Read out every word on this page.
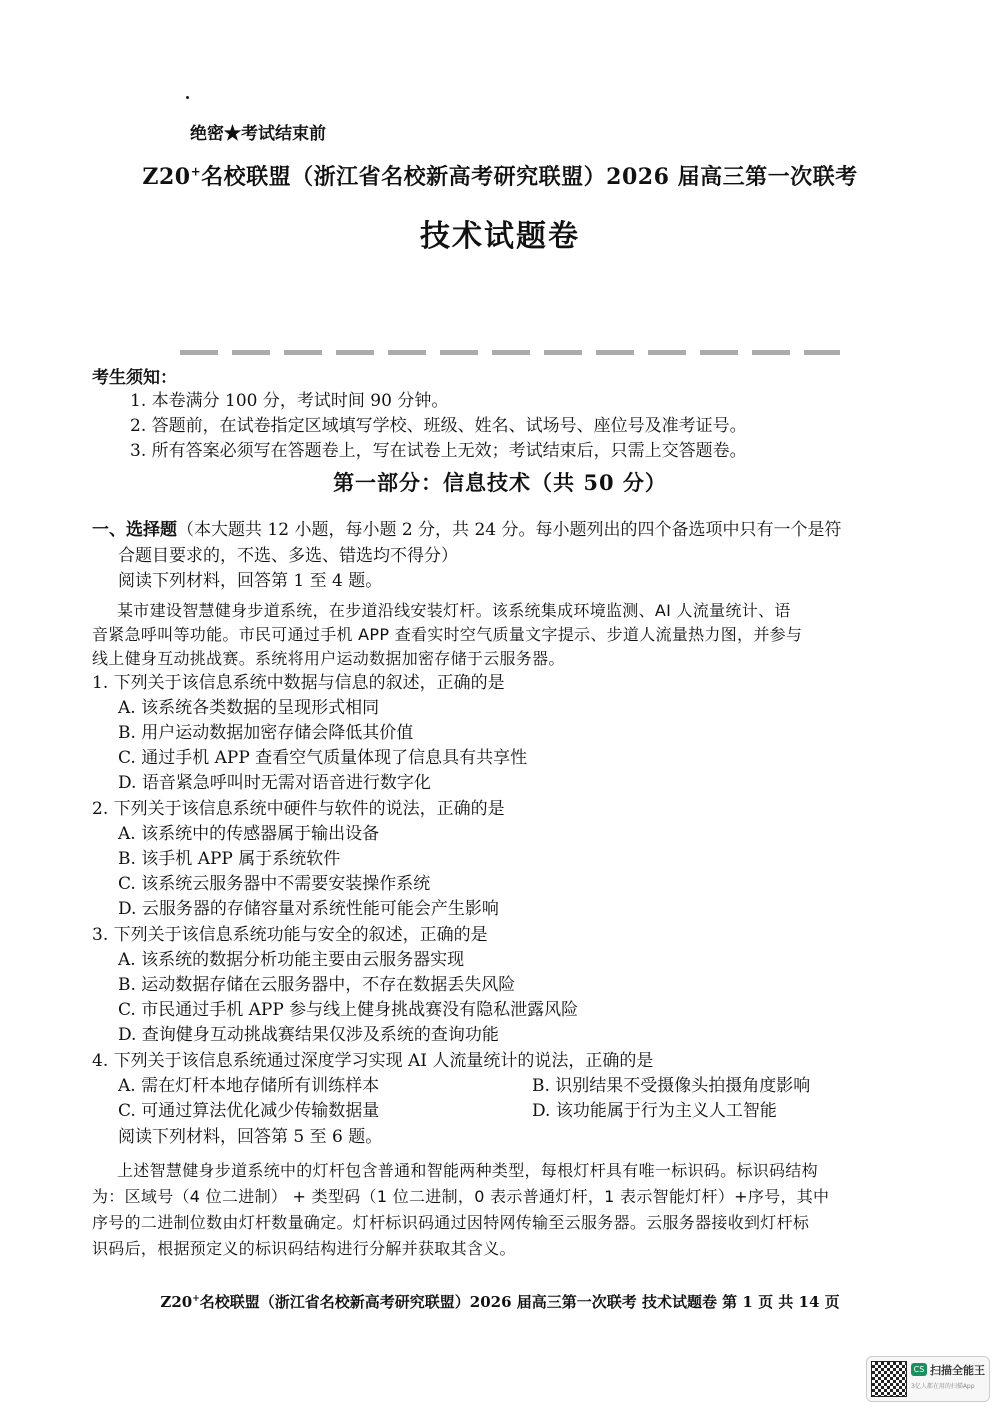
绝密★考试结束前
Z20+名校联盟（浙江省名校新高考研究联盟）2026 届高三第一次联考
技术试题卷
考生须知：
1. 本卷满分 100 分，考试时间 90 分钟。
2. 答题前，在试卷指定区域填写学校、班级、姓名、试场号、座位号及准考证号。
3. 所有答案必须写在答题卷上，写在试卷上无效；考试结束后，只需上交答题卷。
第一部分：信息技术（共 50 分）
一、选择题（本大题共 12 小题，每小题 2 分，共 24 分。每小题列出的四个备选项中只有一个是符
合题目要求的，不选、多选、错选均不得分）
阅读下列材料，回答第 1 至 4 题。
某市建设智慧健身步道系统，在步道沿线安装灯杆。该系统集成环境监测、AI 人流量统计、语
音紧急呼叫等功能。市民可通过手机 APP 查看实时空气质量文字提示、步道人流量热力图，并参与
线上健身互动挑战赛。系统将用户运动数据加密存储于云服务器。
1. 下列关于该信息系统中数据与信息的叙述，正确的是
A. 该系统各类数据的呈现形式相同
B. 用户运动数据加密存储会降低其价值
C. 通过手机 APP 查看空气质量体现了信息具有共享性
D. 语音紧急呼叫时无需对语音进行数字化
2. 下列关于该信息系统中硬件与软件的说法，正确的是
A. 该系统中的传感器属于输出设备
B. 该手机 APP 属于系统软件
C. 该系统云服务器中不需要安装操作系统
D. 云服务器的存储容量对系统性能可能会产生影响
3. 下列关于该信息系统功能与安全的叙述，正确的是
A. 该系统的数据分析功能主要由云服务器实现
B. 运动数据存储在云服务器中，不存在数据丢失风险
C. 市民通过手机 APP 参与线上健身挑战赛没有隐私泄露风险
D. 查询健身互动挑战赛结果仅涉及系统的查询功能
4. 下列关于该信息系统通过深度学习实现 AI 人流量统计的说法，正确的是
A. 需在灯杆本地存储所有训练样本	B. 识别结果不受摄像头拍摄角度影响
C. 可通过算法优化减少传输数据量	D. 该功能属于行为主义人工智能
阅读下列材料，回答第 5 至 6 题。
上述智慧健身步道系统中的灯杆包含普通和智能两种类型，每根灯杆具有唯一标识码。标识码结构
为：区域号（4 位二进制） + 类型码（1 位二进制，0 表示普通灯杆，1 表示智能灯杆）+序号，其中
序号的二进制位数由灯杆数量确定。灯杆标识码通过因特网传输至云服务器。云服务器接收到灯杆标
识码后，根据预定义的标识码结构进行分解并获取其含义。
Z20+名校联盟（浙江省名校新高考研究联盟）2026 届高三第一次联考 技术试题卷 第 1 页 共 14 页
CS 扫描全能王
3亿人都在用的扫描App
